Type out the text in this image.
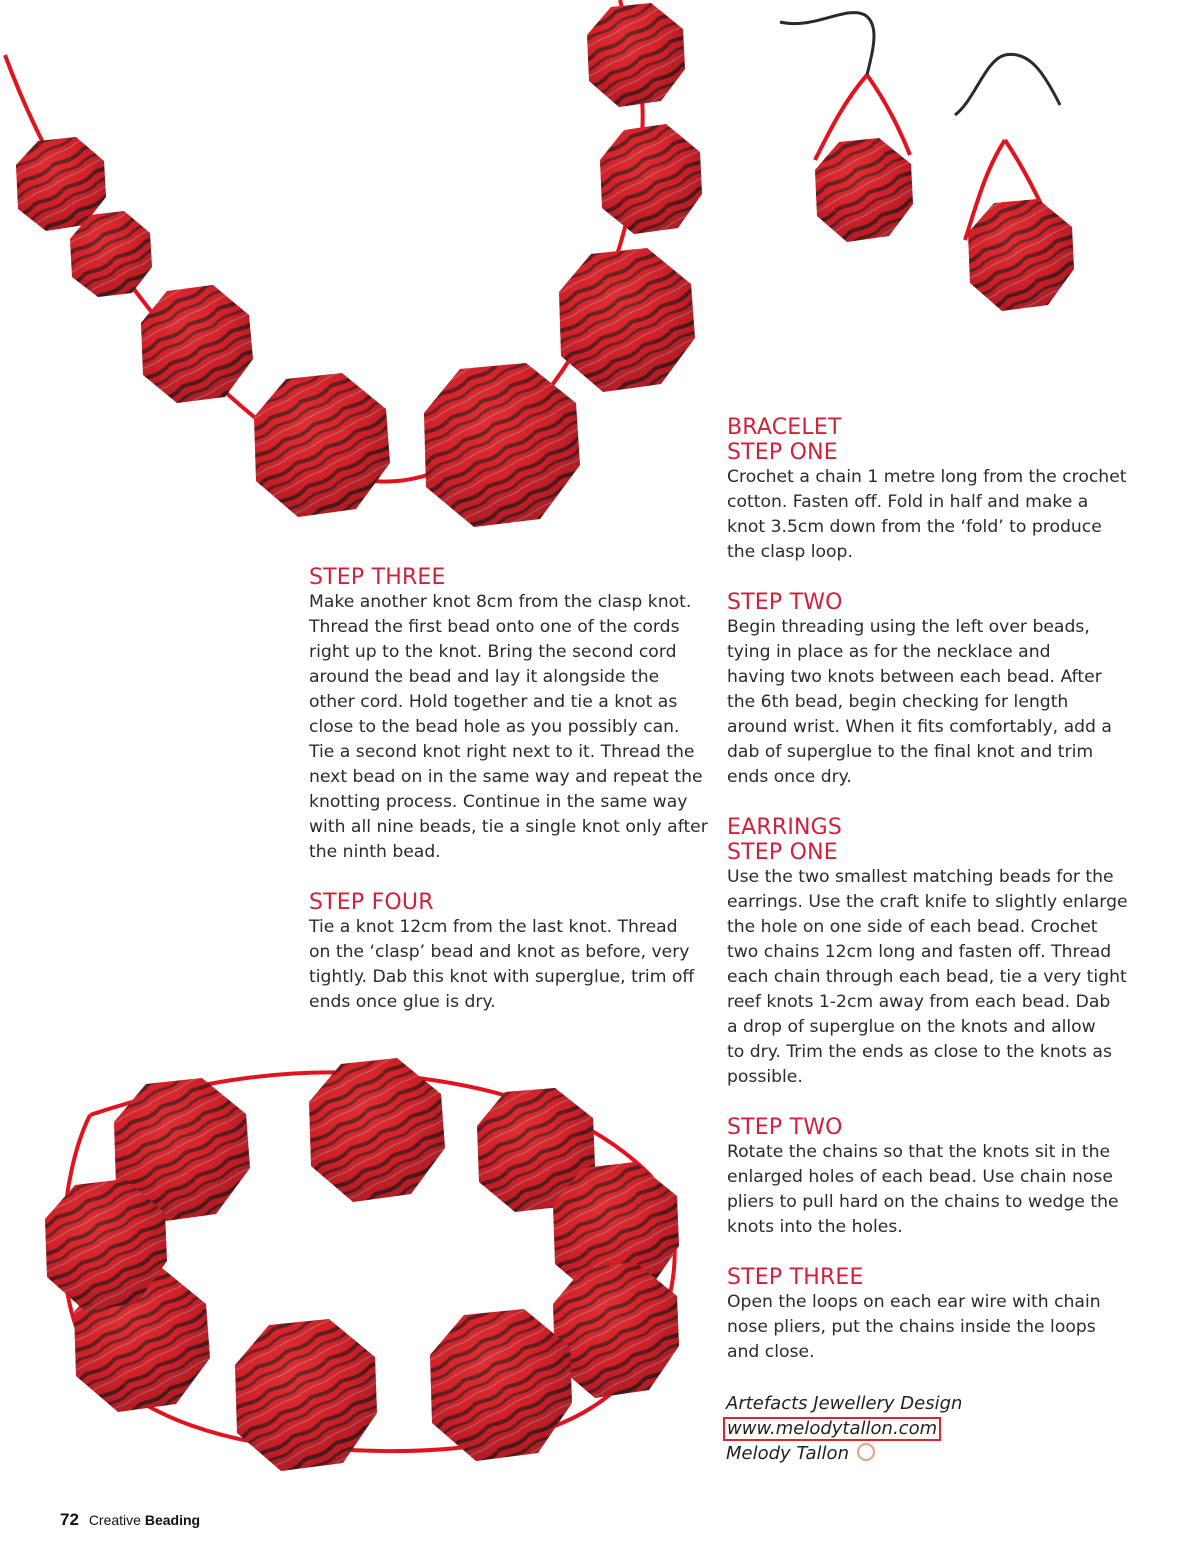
STEP THREE

Make another knot 8cm from the clasp knot.
Thread the first bead onto one of the cords
right up to the knot. Bring the second cord
around the bead and lay it alongside the
other cord. Hold together and tie a knot as
close to the bead hole as you possibly can.
Tie a second knot right next to it. Thread the
next bead on in the same way and repeat the
knotting process. Continue in the same way
with all nine beads, tie a single knot only after
the ninth bead.

STEP FOUR

Tie a knot 12cm from the last knot. Thread
on the ‘clasp’ bead and knot as before, very
tightly. Dab this knot with superglue, trim off
ends once glue is dry.

BRACELET
STEP ONE

Crochet a chain 1 metre long from the crochet
cotton. Fasten off. Fold in half and make a
knot 3.5cm down from the ‘fold’ to produce
the clasp loop.

STEP TWO

Begin threading using the left over beads,
tying in place as for the necklace and
having two knots between each bead. After
the 6th bead, begin checking for length
around wrist. When it fits comfortably, add a
dab of superglue to the final knot and trim
ends once dry.

EARRINGS
STEP ONE

Use the two smallest matching beads for the
earrings. Use the craft knife to slightly enlarge
the hole on one side of each bead. Crochet
two chains 12cm long and fasten off. Thread
each chain through each bead, tie a very tight
reef knots 1-2cm away from each bead. Dab
a drop of superglue on the knots and allow
to dry. Trim the ends as close to the knots as
possible.

STEP TWO

Rotate the chains so that the knots sit in the
enlarged holes of each bead. Use chain nose
pliers to pull hard on the chains to wedge the
knots into the holes.

STEP THREE

Open the loops on each ear wire with chain
nose pliers, put the chains inside the loops
and close.

Artefacts Jewellery Design
www.melodytallon.com
Melody Tallon
72 Creative Beading
